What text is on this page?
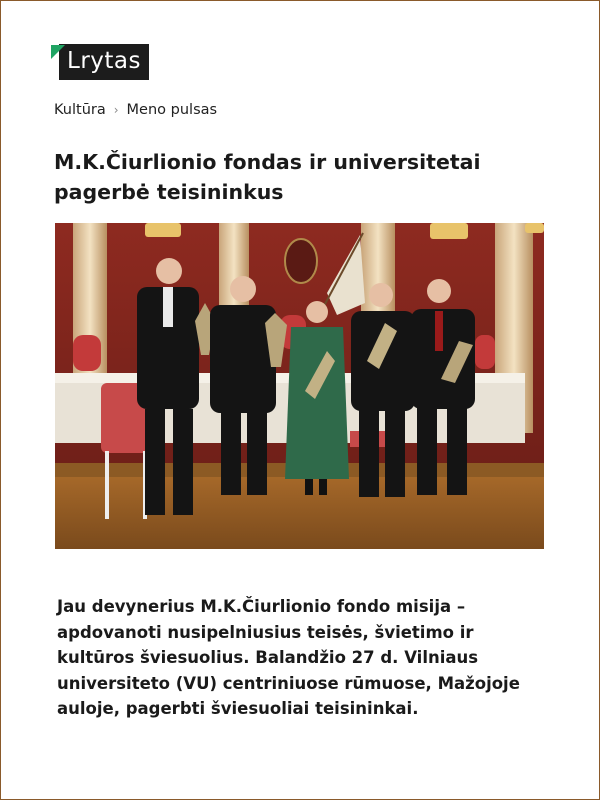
Lrytas
Kultūra › Meno pulsas
M.K.Čiurlionio fondas ir universitetai pagerbė teisininkus

Jau devynerius M.K.Čiurlionio fondo misija – apdovanoti nusipelniusius teisės, švietimo ir kultūros šviesuolius. Balandžio 27 d. Vilniaus universiteto (VU) centriniuose rūmuose, Mažojoje auloje, pagerbti šviesuoliai teisininkai.
